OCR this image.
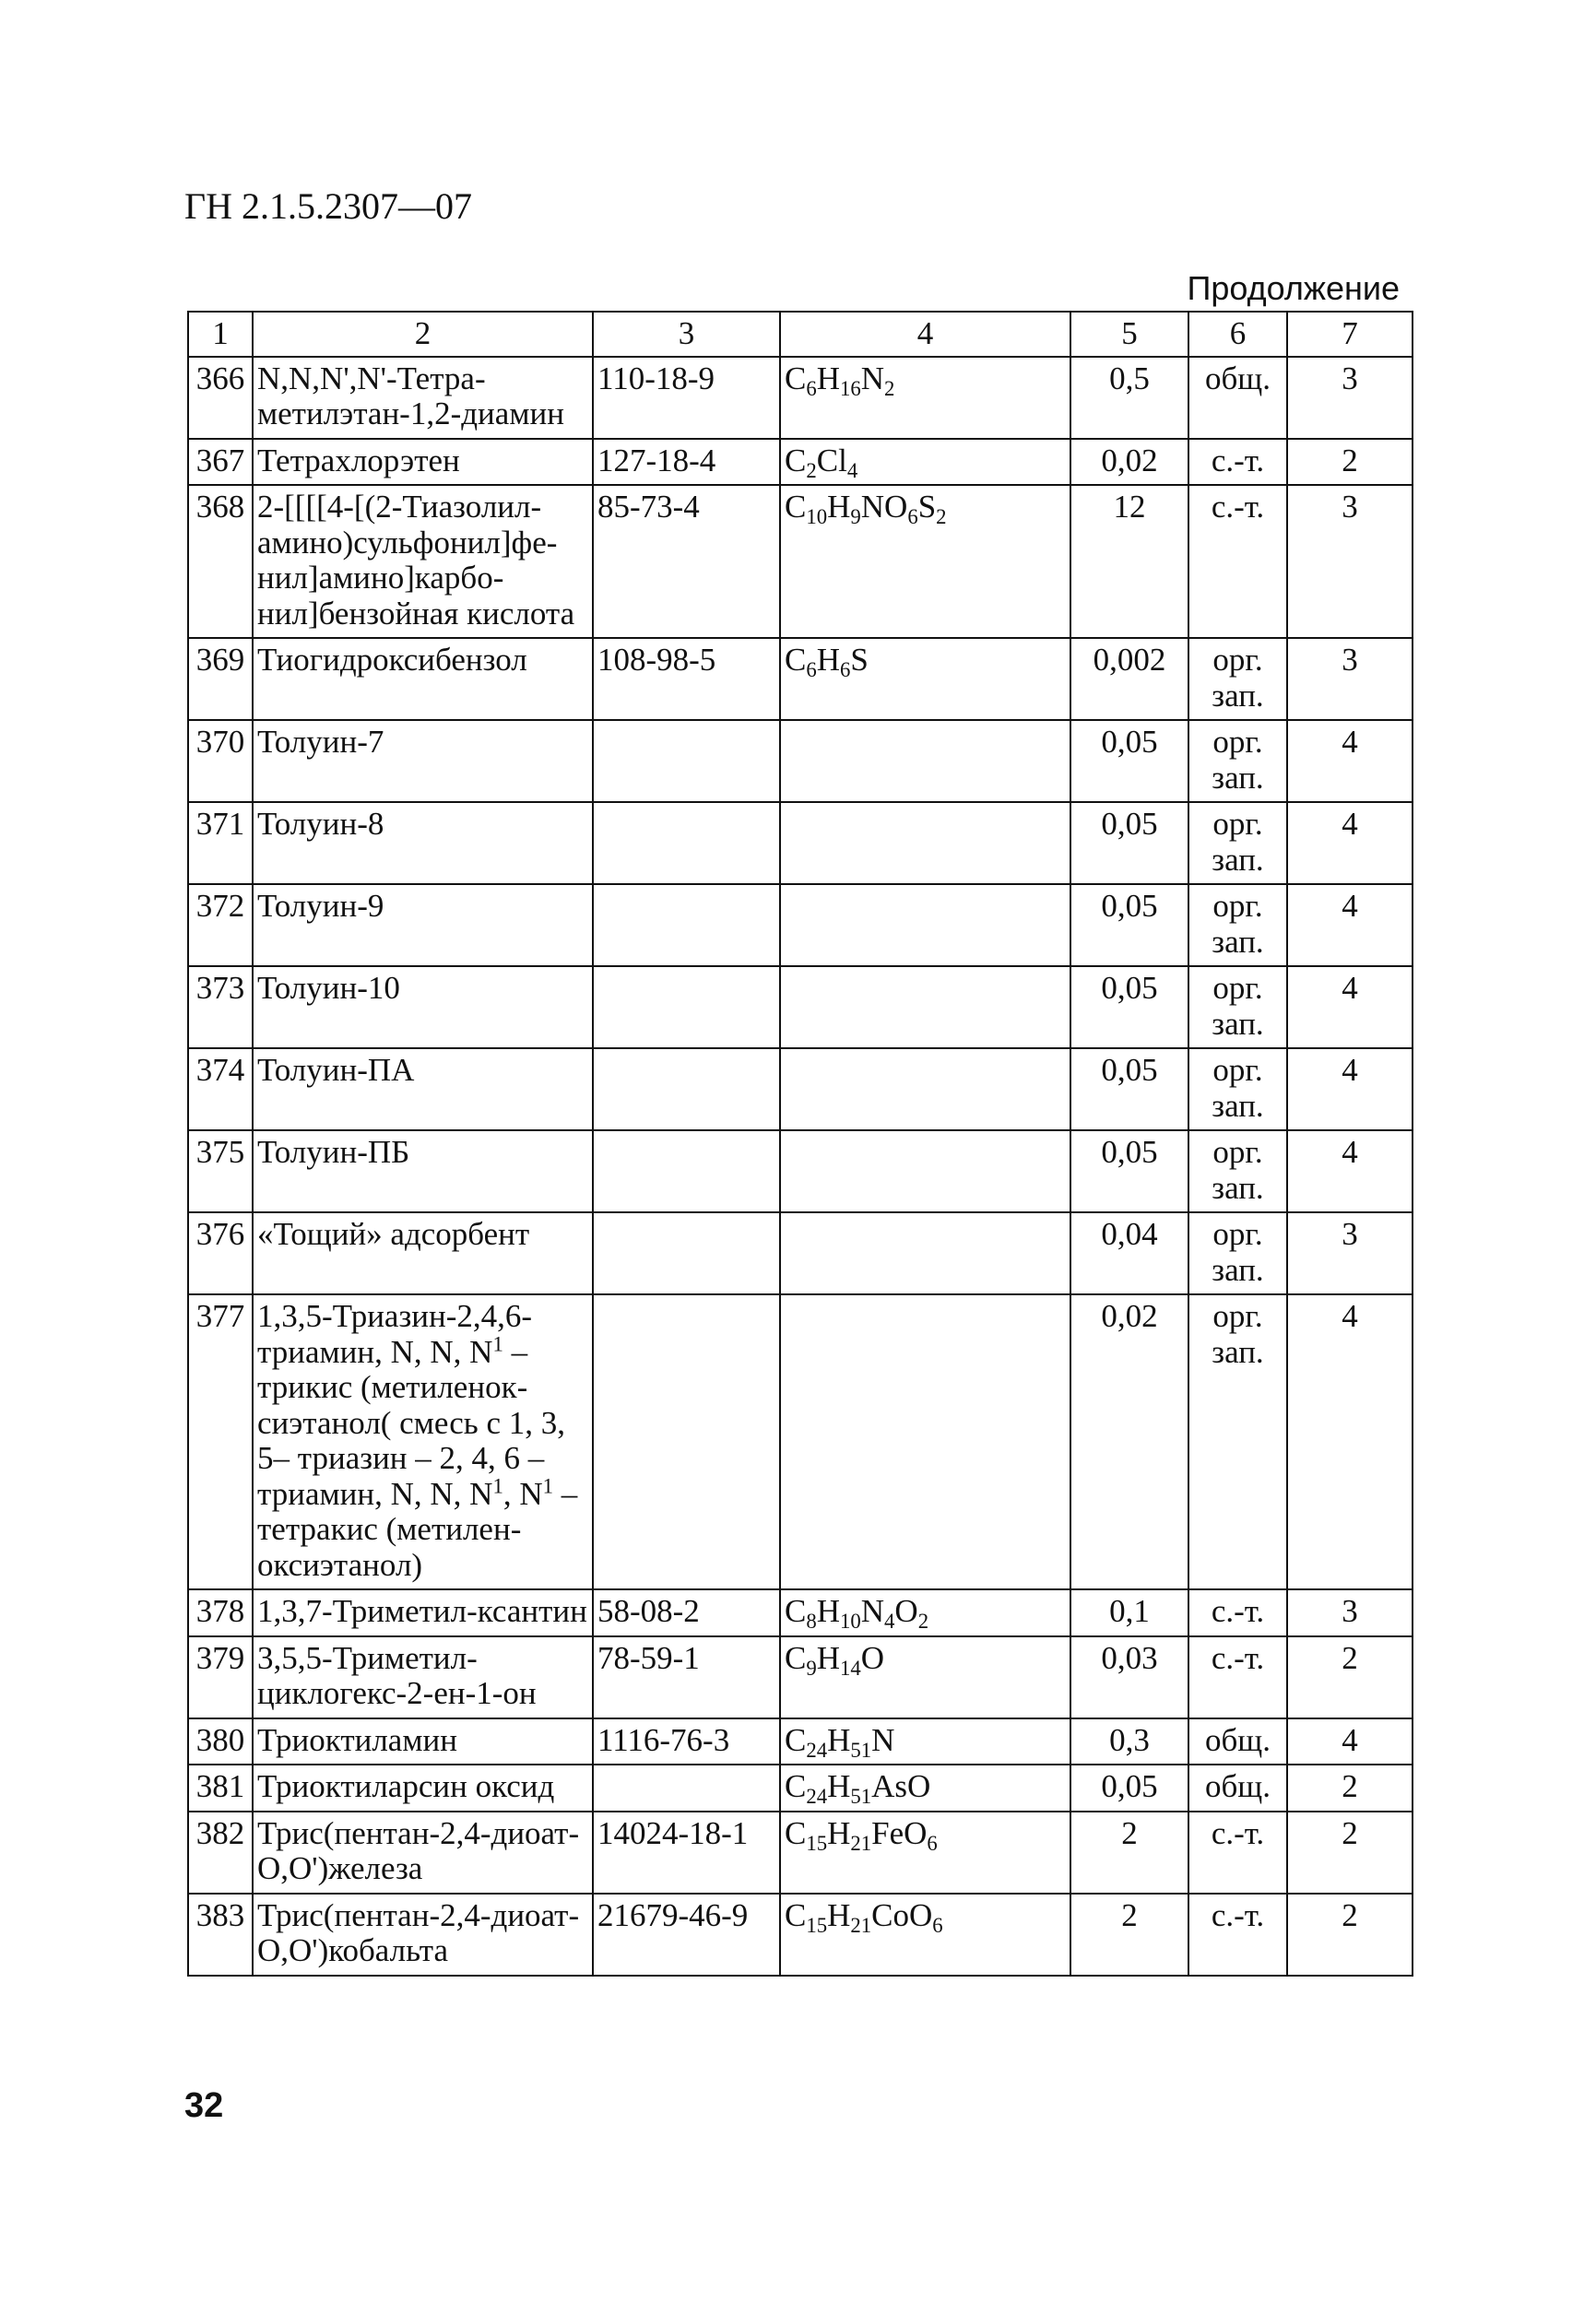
ГН 2.1.5.2307—07
Продолжение
1	2	3	4	5	6	7
366	N,N,N',N'-Тетра-метилэтан-1,2-диамин	110-18-9	$C_6H_{16}N_2$	0,5	общ.	3
367	Тетрахлорэтен	127-18-4	$C_2Cl_4$	0,02	с.-т.	2
368	2-[[[[4-[(2-Тиазолил-амино)сульфонил]фе-нил]амино]карбо-нил]бензойная кислота	85-73-4	$C_{10}H_9NO_6S_2$	12	с.-т.	3
369	Тиогидроксибензол	108-98-5	$C_6H_6S$	0,002	орг. зап.	3
370	Толуин-7			0,05	орг. зап.	4
371	Толуин-8			0,05	орг. зап.	4
372	Толуин-9			0,05	орг. зап.	4
373	Толуин-10			0,05	орг. зап.	4
374	Толуин-ПА			0,05	орг. зап.	4
375	Толуин-ПБ			0,05	орг. зап.	4
376	«Тощий» адсорбент			0,04	орг. зап.	3
377	1,3,5-Триазин-2,4,6-триамин, N, N, $N^1$ – трикис (метиленок-сиэтанол( смесь с 1, 3, 5– триазин – 2, 4, 6 – триамин, N, N, $N^1$, $N^1$ – тетракис (метилен-оксиэтанол)			0,02	орг. зап.	4
378	1,3,7-Триметил-ксантин	58-08-2	$C_8H_{10}N_4O_2$	0,1	с.-т.	3
379	3,5,5-Триметил-циклогекс-2-ен-1-он	78-59-1	$C_9H_{14}O$	0,03	с.-т.	2
380	Триоктиламин	1116-76-3	$C_{24}H_{51}N$	0,3	общ.	4
381	Триоктиларсин оксид		$C_{24}H_{51}AsO$	0,05	общ.	2
382	Трис(пентан-2,4-диоат-O,O')железа	14024-18-1	$C_{15}H_{21}FeO_6$	2	с.-т.	2
383	Трис(пентан-2,4-диоат-O,O')кобальта	21679-46-9	$C_{15}H_{21}CoO_6$	2	с.-т.	2
32
